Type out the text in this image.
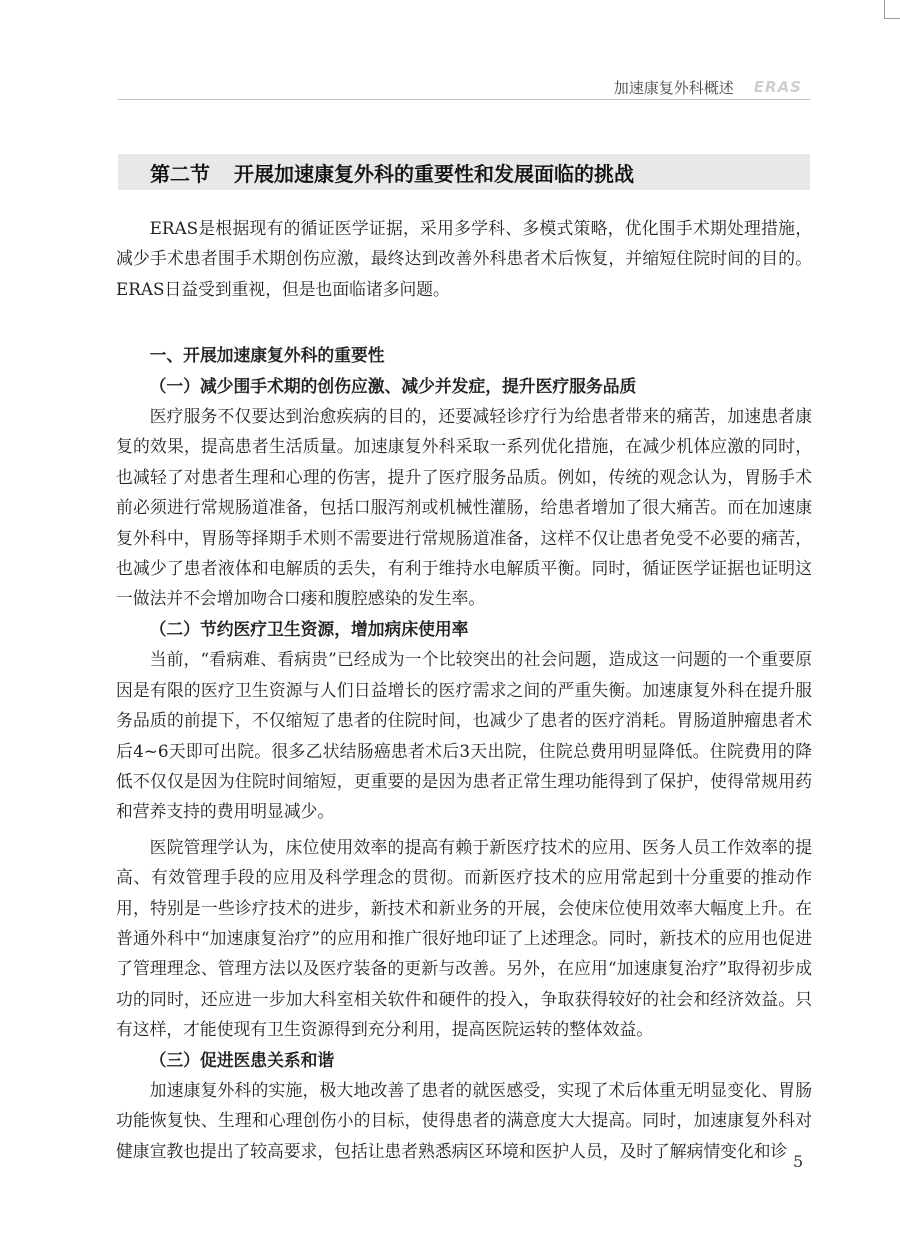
加速康复外科概述 ERAS
第二节 开展加速康复外科的重要性和发展面临的挑战

ERAS是根据现有的循证医学证据，采用多学科、多模式策略，优化围手术期处理措施，减少手术患者围手术期创伤应激，最终达到改善外科患者术后恢复，并缩短住院时间的目的。ERAS日益受到重视，但是也面临诸多问题。

一、开展加速康复外科的重要性
（一）减少围手术期的创伤应激、减少并发症，提升医疗服务品质

医疗服务不仅要达到治愈疾病的目的，还要减轻诊疗行为给患者带来的痛苦，加速患者康复的效果，提高患者生活质量。加速康复外科采取一系列优化措施，在减少机体应激的同时，也减轻了对患者生理和心理的伤害，提升了医疗服务品质。例如，传统的观念认为，胃肠手术前必须进行常规肠道准备，包括口服泻剂或机械性灌肠，给患者增加了很大痛苦。而在加速康复外科中，胃肠等择期手术则不需要进行常规肠道准备，这样不仅让患者免受不必要的痛苦，也减少了患者液体和电解质的丢失，有利于维持水电解质平衡。同时，循证医学证据也证明这一做法并不会增加吻合口瘘和腹腔感染的发生率。

（二）节约医疗卫生资源，增加病床使用率

当前，“看病难、看病贵”已经成为一个比较突出的社会问题，造成这一问题的一个重要原因是有限的医疗卫生资源与人们日益增长的医疗需求之间的严重失衡。加速康复外科在提升服务品质的前提下，不仅缩短了患者的住院时间，也减少了患者的医疗消耗。胃肠道肿瘤患者术后4~6天即可出院。很多乙状结肠癌患者术后3天出院，住院总费用明显降低。住院费用的降低不仅仅是因为住院时间缩短，更重要的是因为患者正常生理功能得到了保护，使得常规用药和营养支持的费用明显减少。

医院管理学认为，床位使用效率的提高有赖于新医疗技术的应用、医务人员工作效率的提高、有效管理手段的应用及科学理念的贯彻。而新医疗技术的应用常起到十分重要的推动作用，特别是一些诊疗技术的进步，新技术和新业务的开展，会使床位使用效率大幅度上升。在普通外科中“加速康复治疗”的应用和推广很好地印证了上述理念。同时，新技术的应用也促进了管理理念、管理方法以及医疗装备的更新与改善。另外，在应用“加速康复治疗”取得初步成功的同时，还应进一步加大科室相关软件和硬件的投入，争取获得较好的社会和经济效益。只有这样，才能使现有卫生资源得到充分利用，提高医院运转的整体效益。

（三）促进医患关系和谐

加速康复外科的实施，极大地改善了患者的就医感受，实现了术后体重无明显变化、胃肠功能恢复快、生理和心理创伤小的目标，使得患者的满意度大大提高。同时，加速康复外科对健康宣教也提出了较高要求，包括让患者熟悉病区环境和医护人员，及时了解病情变化和诊

5
